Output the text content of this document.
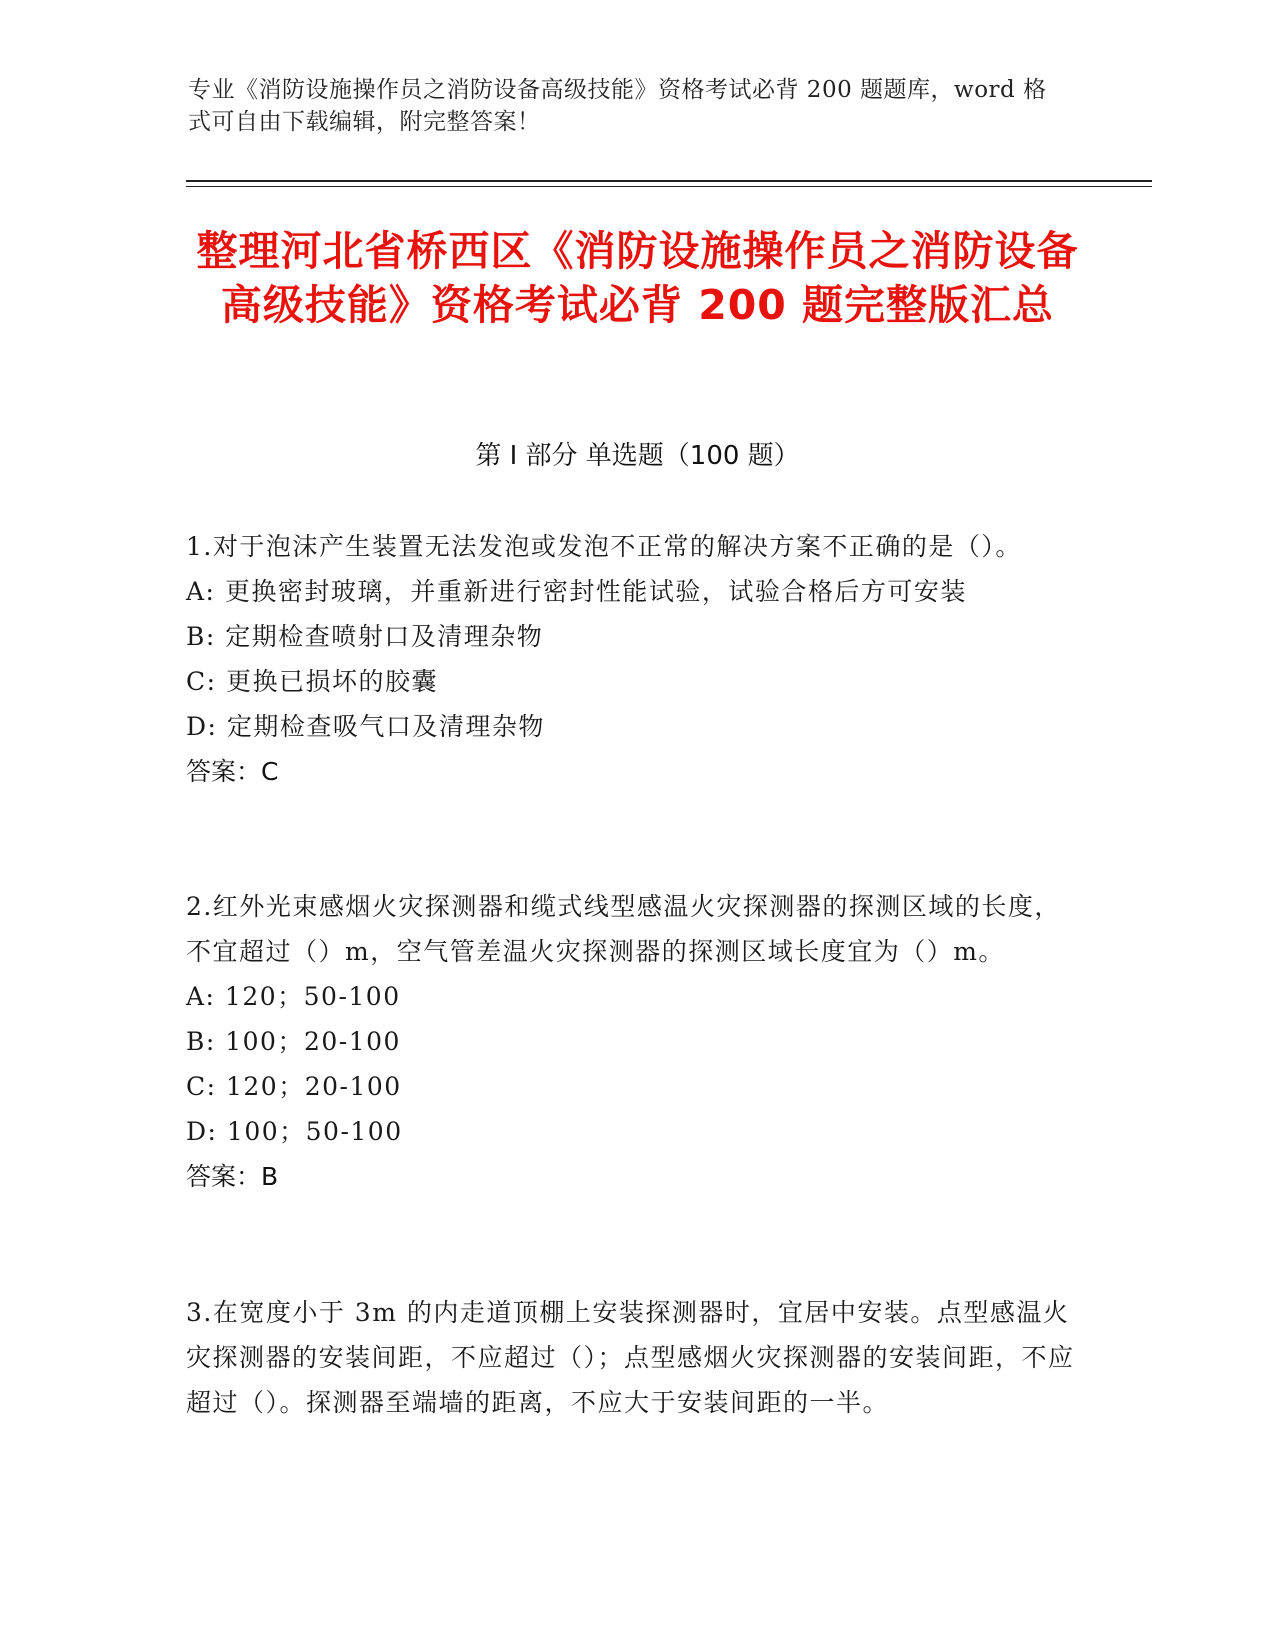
专业《消防设施操作员之消防设备高级技能》资格考试必背 200 题题库，word 格式可自由下载编辑，附完整答案！
整理河北省桥西区《消防设施操作员之消防设备高级技能》资格考试必背 200 题完整版汇总
第 I 部分 单选题（100 题）
1.对于泡沫产生装置无法发泡或发泡不正常的解决方案不正确的是（）。
A: 更换密封玻璃，并重新进行密封性能试验，试验合格后方可安装
B: 定期检查喷射口及清理杂物
C: 更换已损坏的胶囊
D: 定期检查吸气口及清理杂物
答案：C
2.红外光束感烟火灾探测器和缆式线型感温火灾探测器的探测区域的长度，不宜超过（）m，空气管差温火灾探测器的探测区域长度宜为（）m。
A: 120；50-100
B: 100；20-100
C: 120；20-100
D: 100；50-100
答案：B
3.在宽度小于 3m 的内走道顶棚上安装探测器时，宜居中安装。点型感温火灾探测器的安装间距，不应超过（）；点型感烟火灾探测器的安装间距，不应超过（）。探测器至端墙的距离，不应大于安装间距的一半。
